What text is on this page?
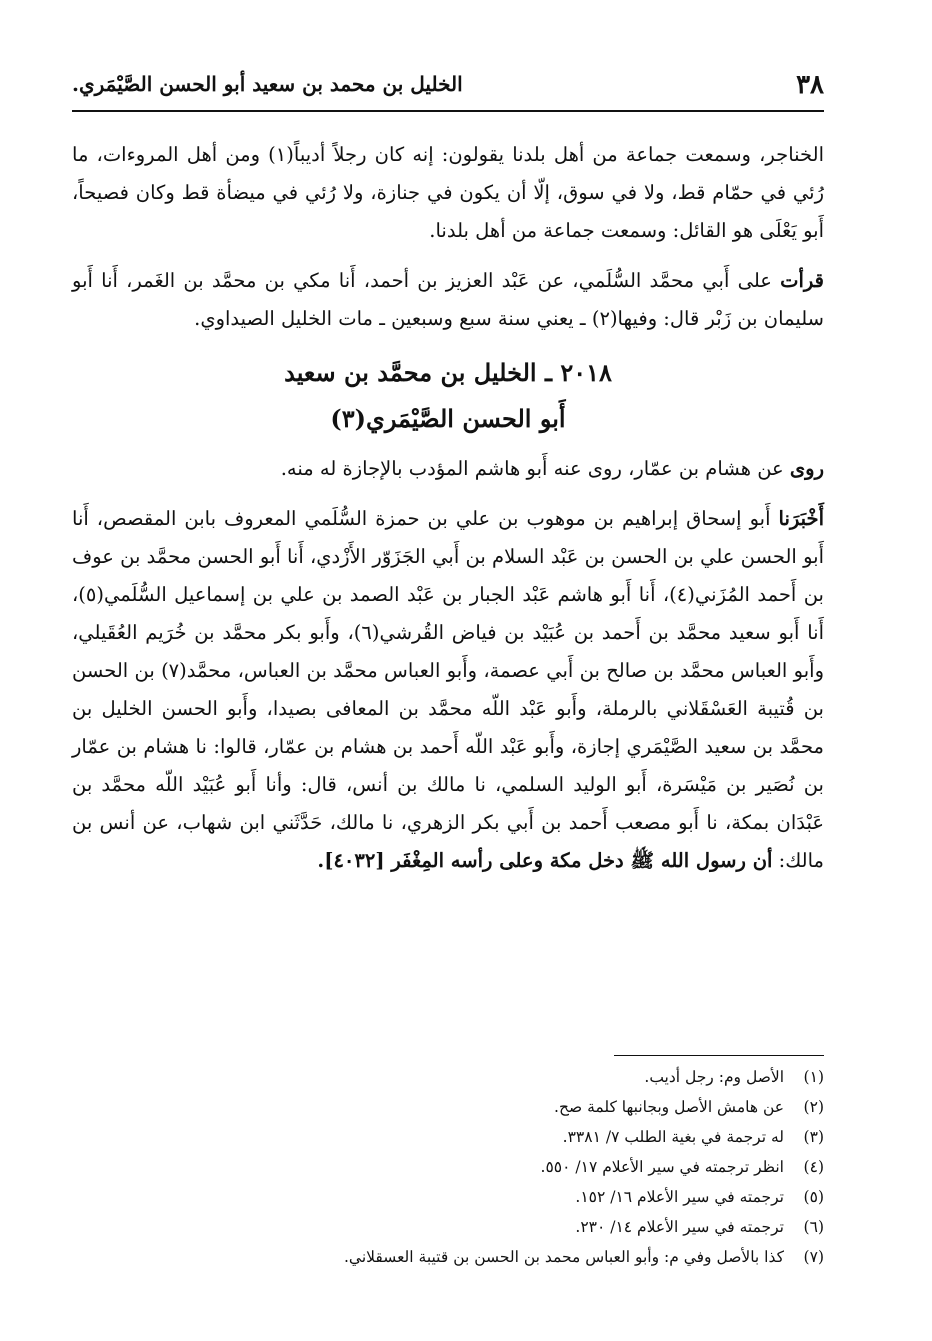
٣٨
الخليل بن محمد بن سعيد أبو الحسن الصَّيْمَري.

الخناجر، وسمعت جماعة من أهل بلدنا يقولون: إنه كان رجلاً أديباً(١) ومن أهل المروءات، ما رُئي في حمّام قط، ولا في سوق، إلّا أن يكون في جنازة، ولا رُئي في ميضأة قط وكان فصيحاً، أَبو يَعْلَى هو القائل: وسمعت جماعة من أهل بلدنا.

قرأت على أَبي محمَّد السُّلَمي، عن عَبْد العزيز بن أحمد، أَنا مكي بن محمَّد بن الغَمر، أَنا أَبو سليمان بن زَبْر قال: وفيها(٢) ـ يعني سنة سبع وسبعين ـ مات الخليل الصيداوي.

٢٠١٨ ـ الخليل بن محمَّد بن سعيد
أَبو الحسن الصَّيْمَري(٣)

روى عن هشام بن عمّار، روى عنه أَبو هاشم المؤدب بالإجازة له منه.

أَخْبَرَنا أَبو إسحاق إبراهيم بن موهوب بن علي بن حمزة السُّلَمي المعروف بابن المقصص، أَنا أَبو الحسن علي بن الحسن بن عَبْد السلام بن أَبي الجَزَوّر الأَزْدي، أَنا أَبو الحسن محمَّد بن عوف بن أَحمد المُزَني(٤)، أَنا أَبو هاشم عَبْد الجبار بن عَبْد الصمد بن علي بن إسماعيل السُّلَمي(٥)، أَنا أَبو سعيد محمَّد بن أَحمد بن عُبَيْد بن فياض القُرشي(٦)، وأَبو بكر محمَّد بن خُرَيم العُقَيلي، وأَبو العباس محمَّد بن صالح بن أَبي عصمة، وأَبو العباس محمَّد بن العباس، محمَّد(٧) بن الحسن بن قُتيبة العَسْقَلاني بالرملة، وأَبو عَبْد اللّه محمَّد بن المعافى بصيدا، وأَبو الحسن الخليل بن محمَّد بن سعيد الصَّيْمَري إجازة، وأَبو عَبْد اللّه أَحمد بن هشام بن عمّار، قالوا: نا هشام بن عمّار بن نُصَير بن مَيْسَرة، أَبو الوليد السلمي، نا مالك بن أنس، قال: وأنا أَبو عُبَيْد اللّه محمَّد بن عَبْدَان بمكة، نا أَبو مصعب أَحمد بن أَبي بكر الزهري، نا مالك، حَدَّثَني ابن شهاب، عن أنس بن مالك: أن رسول الله ﷺ دخل مكة وعلى رأسه المِغْفَر [٤٠٣٢].

(١)الأصل وم: رجل أديب.
(٢)عن هامش الأصل وبجانبها كلمة صح.
(٣)له ترجمة في بغية الطلب ٧/ ٣٣٨١.
(٤)انظر ترجمته في سير الأعلام ١٧/ ٥٥٠.
(٥)ترجمته في سير الأعلام ١٦/ ١٥٢.
(٦)ترجمته في سير الأعلام ١٤/ ٢٣٠.
(٧)كذا بالأصل وفي م: وأبو العباس محمد بن الحسن بن قتيبة العسقلاني.
